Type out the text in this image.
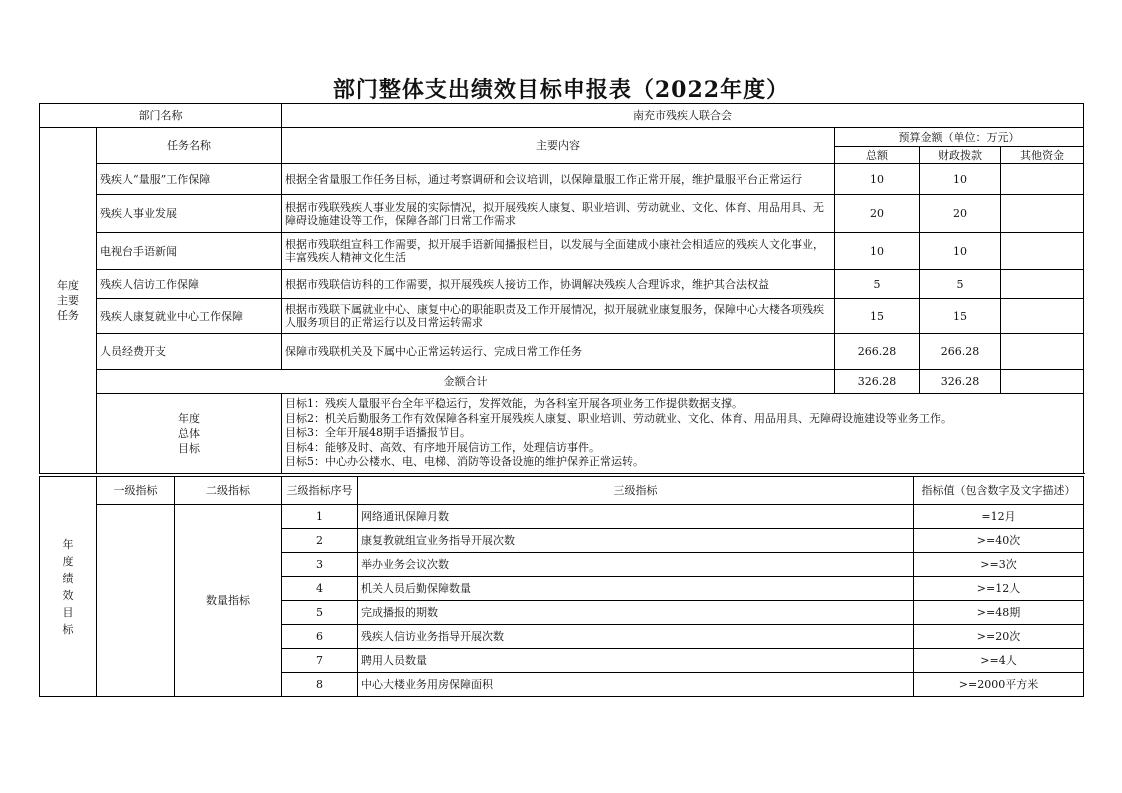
部门整体支出绩效目标申报表（2022年度）
部门名称		南充市残疾人联合会			

年度主要任务	任务名称	主要内容	预算金额（单位：万元）		
			总额	财政拨款	其他资金
	残疾人“量服”工作保障	根据全省量服工作任务目标，通过考察调研和会议培训，以保障量服工作正常开展，维护量服平台正常运行	10	10	
	残疾人事业发展	根据市残联残疾人事业发展的实际情况，拟开展残疾人康复、职业培训、劳动就业、文化、体育、用品用具、无障碍设施建设等工作，保障各部门日常工作需求	20	20	
	电视台手语新闻	根据市残联组宣科工作需要，拟开展手语新闻播报栏目，以发展与全面建成小康社会相适应的残疾人文化事业，丰富残疾人精神文化生活	10	10	
	残疾人信访工作保障	根据市残联信访科的工作需要，拟开展残疾人接访工作，协调解决残疾人合理诉求，维护其合法权益	5	5	
	残疾人康复就业中心工作保障	根据市残联下属就业中心、康复中心的职能职责及工作开展情况，拟开展就业康复服务，保障中心大楼各项残疾人服务项目的正常运行以及日常运转需求	15	15	
	人员经费开支	保障市残联机关及下属中心正常运转运行、完成日常工作任务	266.28	266.28	
	金额合计		326.28	326.28	

	年度总体目标	目标1：残疾人量服平台全年平稳运行，发挥效能，为各科室开展各项业务工作提供数据支撑。
目标2：机关后勤服务工作有效保障各科室开展残疾人康复、职业培训、劳动就业、文化、体育、用品用具、无障碍设施建设等业务工作。
目标3：全年开展48期手语播报节目。
目标4：能够及时、高效、有序地开展信访工作，处理信访事件。
目标5：中心办公楼水、电、电梯、消防等设备设施的维护保养正常运转。			
年度绩效目标	一级指标	二级指标	三级指标序号	三级指标	指标值（包含数字及文字描述）
		数量指标	1	网络通讯保障月数	=12月
			2	康复教就组宣业务指导开展次数	>=40次
			3	举办业务会议次数	>=3次
			4	机关人员后勤保障数量	>=12人
			5	完成播报的期数	>=48期
			6	残疾人信访业务指导开展次数	>=20次
			7	聘用人员数量	>=4人
			8	中心大楼业务用房保障面积	>=2000平方米
